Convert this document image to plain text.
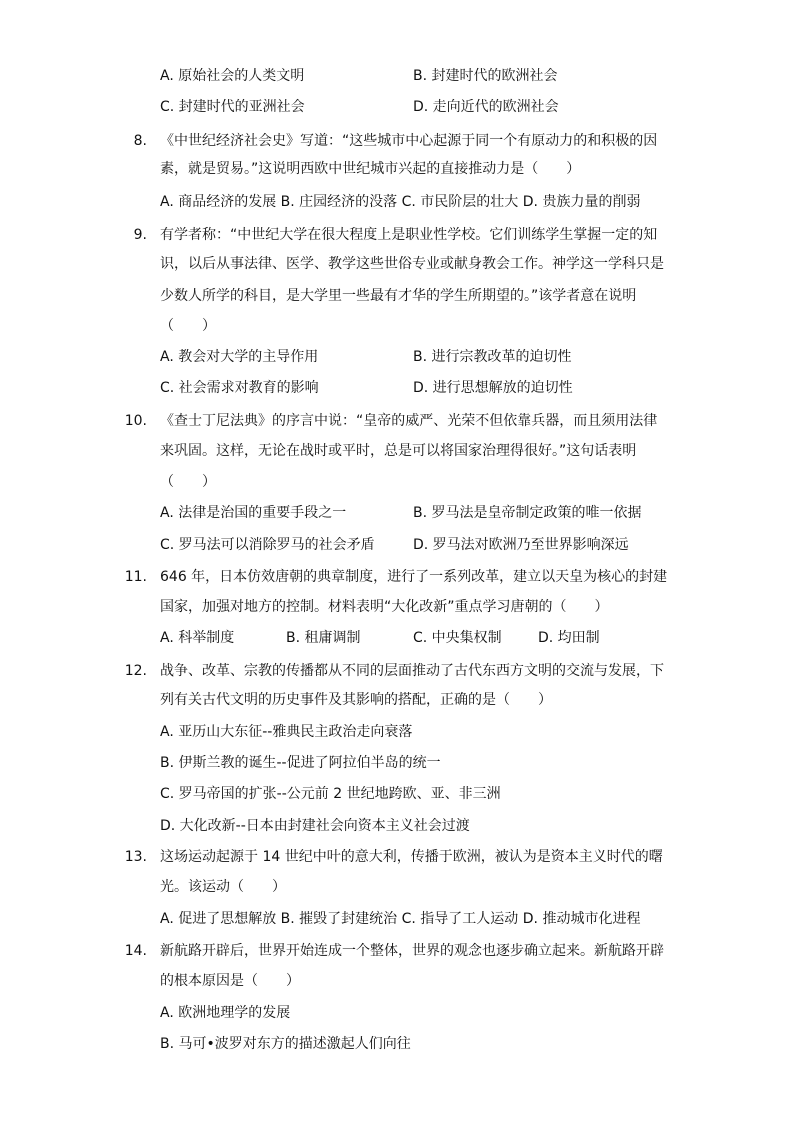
A. 原始社会的人类文明	B. 封建时代的欧洲社会
C. 封建时代的亚洲社会	D. 走向近代的欧洲社会
8. 《中世纪经济社会史》写道：“这些城市中心起源于同一个有原动力的和积极的因
素，就是贸易。”这说明西欧中世纪城市兴起的直接推动力是（　　）
A. 商品经济的发展 B. 庄园经济的没落 C. 市民阶层的壮大 D. 贵族力量的削弱
9. 有学者称：“中世纪大学在很大程度上是职业性学校。它们训练学生掌握一定的知
识，以后从事法律、医学、教学这些世俗专业或献身教会工作。神学这一学科只是
少数人所学的科目，是大学里一些最有才华的学生所期望的。”该学者意在说明
（　　）
A. 教会对大学的主导作用	B. 进行宗教改革的迫切性
C. 社会需求对教育的影响	D. 进行思想解放的迫切性
10. 《查士丁尼法典》的序言中说：“皇帝的威严、光荣不但依靠兵器，而且须用法律
来巩固。这样，无论在战时或平时，总是可以将国家治理得很好。”这句话表明
（　　）
A. 法律是治国的重要手段之一	B. 罗马法是皇帝制定政策的唯一依据
C. 罗马法可以消除罗马的社会矛盾	D. 罗马法对欧洲乃至世界影响深远
11. 646 年，日本仿效唐朝的典章制度，进行了一系列改革，建立以天皇为核心的封建
国家，加强对地方的控制。材料表明“大化改新”重点学习唐朝的（　　）
A. 科举制度	B. 租庸调制	C. 中央集权制	D. 均田制
12. 战争、改革、宗教的传播都从不同的层面推动了古代东西方文明的交流与发展，下
列有关古代文明的历史事件及其影响的搭配，正确的是（　　）
A. 亚历山大东征--雅典民主政治走向衰落
B. 伊斯兰教的诞生--促进了阿拉伯半岛的统一
C. 罗马帝国的扩张--公元前 2 世纪地跨欧、亚、非三洲
D. 大化改新--日本由封建社会向资本主义社会过渡
13. 这场运动起源于 14 世纪中叶的意大利，传播于欧洲，被认为是资本主义时代的曙
光。该运动（　　）
A. 促进了思想解放 B. 摧毁了封建统治 C. 指导了工人运动 D. 推动城市化进程
14. 新航路开辟后，世界开始连成一个整体，世界的观念也逐步确立起来。新航路开辟
的根本原因是（　　）
A. 欧洲地理学的发展
B. 马可•波罗对东方的描述激起人们向往
